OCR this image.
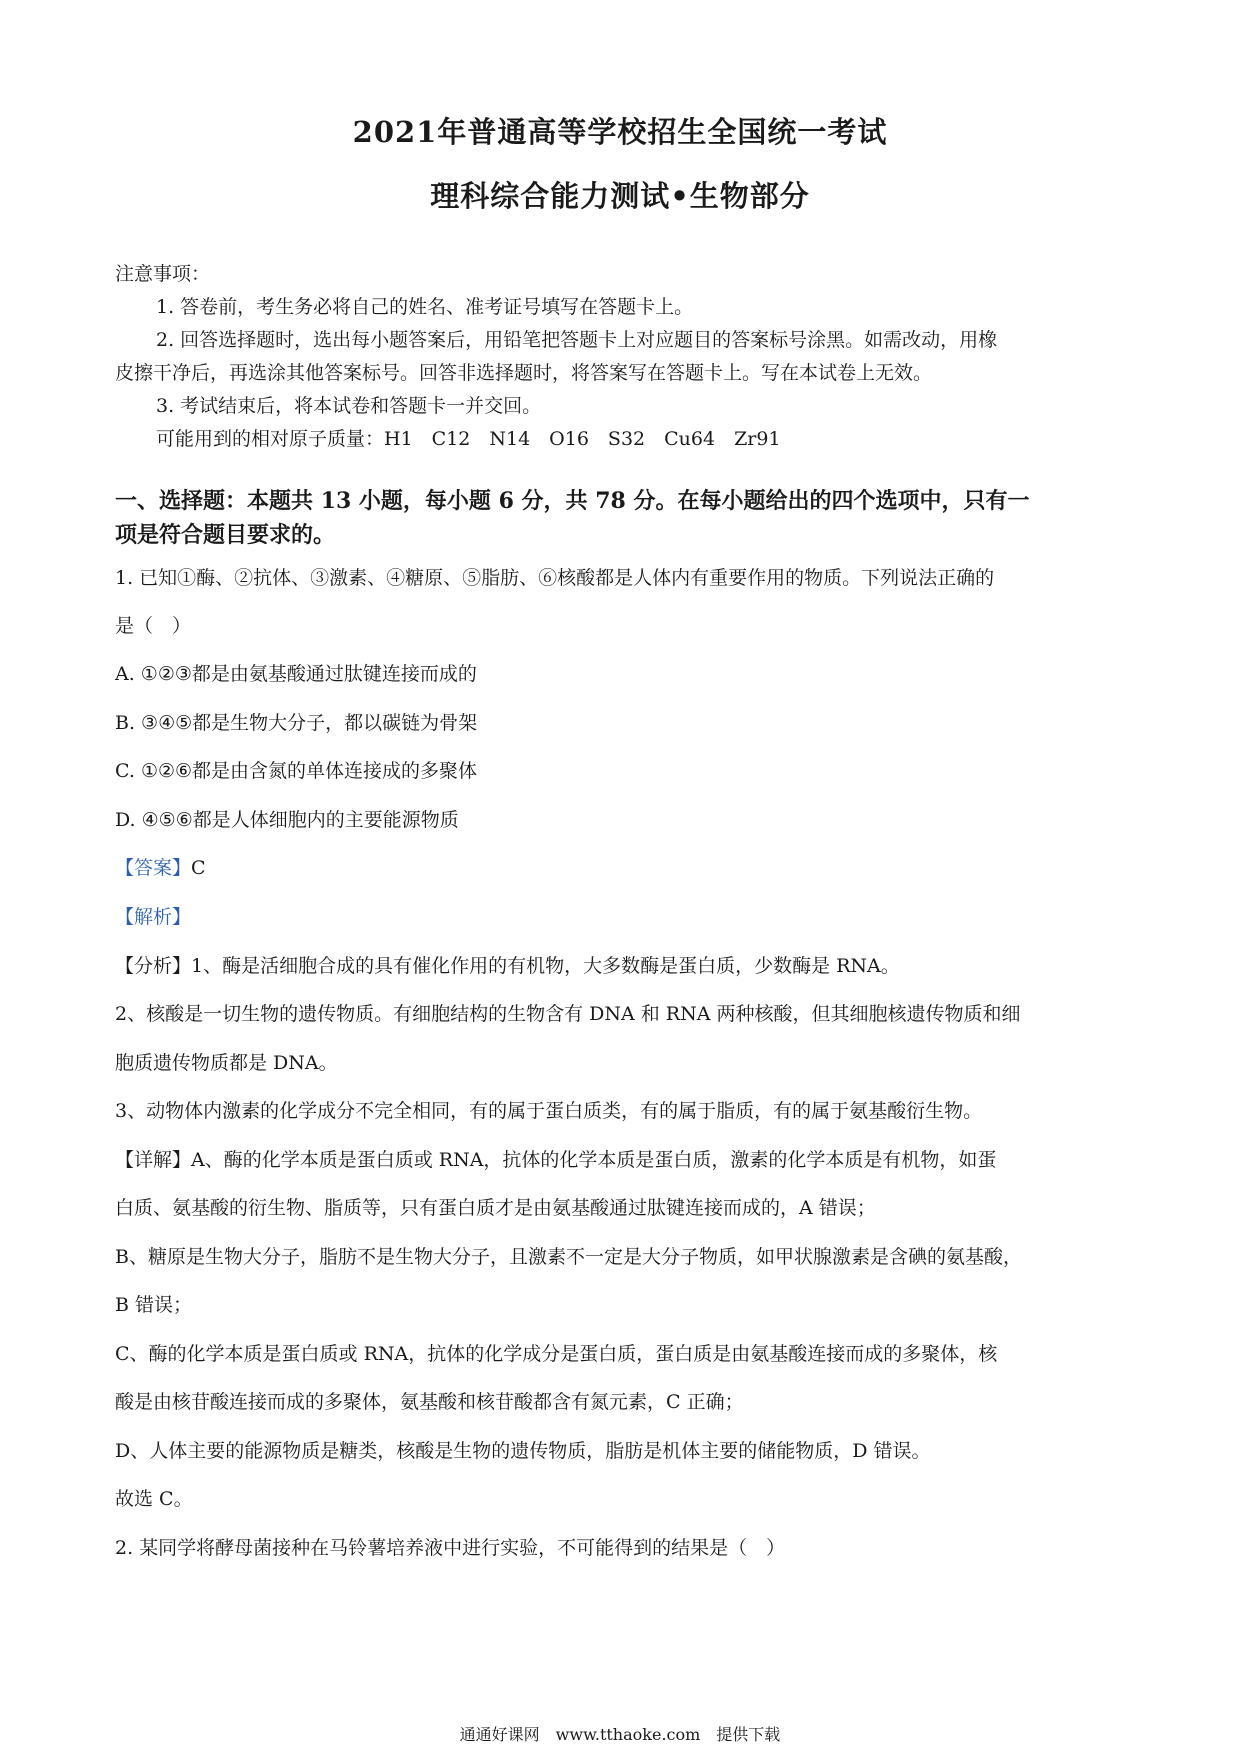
2021年普通高等学校招生全国统一考试
理科综合能力测试•生物部分
注意事项：
1. 答卷前，考生务必将自己的姓名、准考证号填写在答题卡上。
2. 回答选择题时，选出每小题答案后，用铅笔把答题卡上对应题目的答案标号涂黑。如需改动，用橡
皮擦干净后，再选涂其他答案标号。回答非选择题时，将答案写在答题卡上。写在本试卷上无效。
3. 考试结束后，将本试卷和答题卡一并交回。
可能用到的相对原子质量：H1　C12　N14　O16　S32　Cu64　Zr91
一、选择题：本题共 13 小题，每小题 6 分，共 78 分。在每小题给出的四个选项中，只有一
项是符合题目要求的。
1. 已知①酶、②抗体、③激素、④糖原、⑤脂肪、⑥核酸都是人体内有重要作用的物质。下列说法正确的
是（　）
A. ①②③都是由氨基酸通过肽键连接而成的
B. ③④⑤都是生物大分子，都以碳链为骨架
C. ①②⑥都是由含氮的单体连接成的多聚体
D. ④⑤⑥都是人体细胞内的主要能源物质
【答案】C
【解析】
【分析】1、酶是活细胞合成的具有催化作用的有机物，大多数酶是蛋白质，少数酶是 RNA。
2、核酸是一切生物的遗传物质。有细胞结构的生物含有 DNA 和 RNA 两种核酸，但其细胞核遗传物质和细
胞质遗传物质都是 DNA。
3、动物体内激素的化学成分不完全相同，有的属于蛋白质类，有的属于脂质，有的属于氨基酸衍生物。
【详解】A、酶的化学本质是蛋白质或 RNA，抗体的化学本质是蛋白质，激素的化学本质是有机物，如蛋
白质、氨基酸的衍生物、脂质等，只有蛋白质才是由氨基酸通过肽键连接而成的，A 错误；
B、糖原是生物大分子，脂肪不是生物大分子，且激素不一定是大分子物质，如甲状腺激素是含碘的氨基酸，
B 错误；
C、酶的化学本质是蛋白质或 RNA，抗体的化学成分是蛋白质，蛋白质是由氨基酸连接而成的多聚体，核
酸是由核苷酸连接而成的多聚体，氨基酸和核苷酸都含有氮元素，C 正确；
D、人体主要的能源物质是糖类，核酸是生物的遗传物质，脂肪是机体主要的储能物质，D 错误。
故选 C。
2. 某同学将酵母菌接种在马铃薯培养液中进行实验，不可能得到的结果是（　）
通通好课网　www.tthaoke.com　提供下载
